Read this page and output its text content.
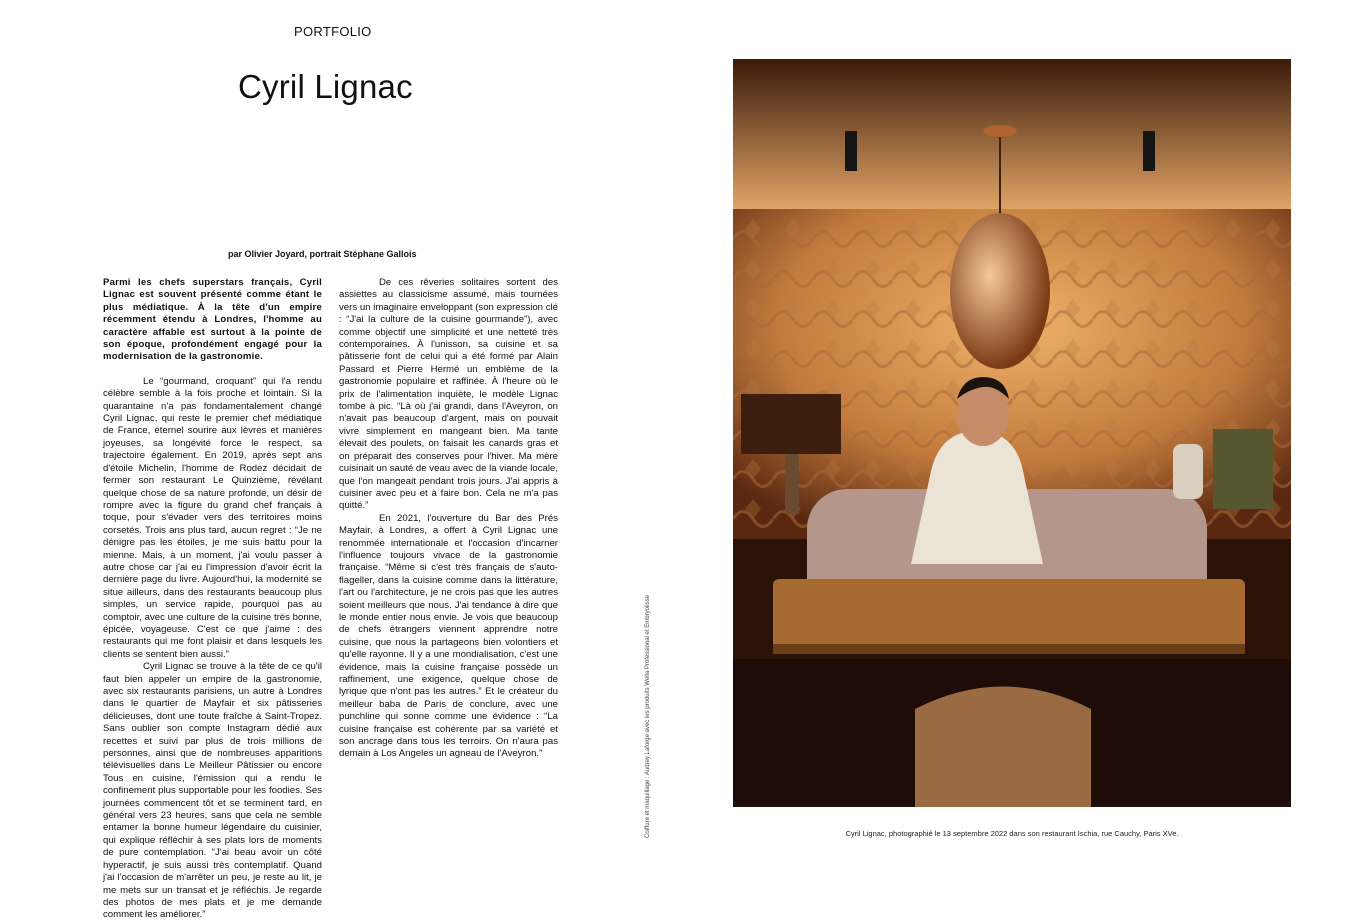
PORTFOLIO
Cyril Lignac
par Olivier Joyard, portrait Stéphane Gallois

Parmi les chefs superstars français, Cyril Lignac est souvent présenté comme étant le plus médiatique. À la tête d'un empire récemment étendu à Londres, l'homme au caractère affable est surtout à la pointe de son époque, profondément engagé pour la modernisation de la gastronomie.

Le “gourmand, croquant” qui l'a rendu célèbre semble à la fois proche et lointain. Si la quarantaine n'a pas fondamentalement changé Cyril Lignac, qui reste le premier chef médiatique de France, éternel sourire aux lèvres et manières joyeuses, sa longévité force le respect, sa trajectoire également. En 2019, après sept ans d'étoile Michelin, l'homme de Rodez décidait de fermer son restaurant Le Quinzième, révélant quelque chose de sa nature profonde, un désir de rompre avec la figure du grand chef français à toque, pour s'évader vers des territoires moins corsetés. Trois ans plus tard, aucun regret : “Je ne dénigre pas les étoiles, je me suis battu pour la mienne. Mais, à un moment, j'ai voulu passer à autre chose car j'ai eu l'impression d'avoir écrit la dernière page du livre. Aujourd'hui, la modernité se situe ailleurs, dans des restaurants beaucoup plus simples, un service rapide, pourquoi pas au comptoir, avec une culture de la cuisine très bonne, épicée, voyageuse. C'est ce que j'aime : des restaurants qui me font plaisir et dans lesquels les clients se sentent bien aussi.”

Cyril Lignac se trouve à la tête de ce qu'il faut bien appeler un empire de la gastronomie, avec six restaurants parisiens, un autre à Londres dans le quartier de Mayfair et six pâtisseries délicieuses, dont une toute fraîche à Saint-Tropez. Sans oublier son compte Instagram dédié aux recettes et suivi par plus de trois millions de personnes, ainsi que de nombreuses apparitions télévisuelles dans Le Meilleur Pâtissier ou encore Tous en cuisine, l'émission qui a rendu le confinement plus supportable pour les foodies. Ses journées commencent tôt et se terminent tard, en général vers 23 heures, sans que cela ne semble entamer la bonne humeur légendaire du cuisinier, qui explique réfléchir à ses plats lors de moments de pure contemplation. “J'ai beau avoir un côté hyperactif, je suis aussi très contemplatif. Quand j'ai l'occasion de m'arrêter un peu, je reste au lit, je me mets sur un transat et je réfléchis. Je regarde des photos de mes plats et je me demande comment les améliorer.”

De ces rêveries solitaires sortent des assiettes au classicisme assumé, mais tournées vers un imaginaire enveloppant (son expression clé : “J'ai la culture de la cuisine gourmande”), avec comme objectif une simplicité et une netteté très contemporaines. À l'unisson, sa cuisine et sa pâtisserie font de celui qui a été formé par Alain Passard et Pierre Hermé un emblème de la gastronomie populaire et raffinée. À l'heure où le prix de l'alimentation inquiète, le modèle Lignac tombe à pic. “Là où j'ai grandi, dans l'Aveyron, on n'avait pas beaucoup d'argent, mais on pouvait vivre simplement en mangeant bien. Ma tante élevait des poulets, on faisait les canards gras et on préparait des conserves pour l'hiver. Ma mère cuisinait un sauté de veau avec de la viande locale, que l'on mangeait pendant trois jours. J'ai appris à cuisiner avec peu et à faire bon. Cela ne m'a pas quitté.”

En 2021, l'ouverture du Bar des Prés Mayfair, à Londres, a offert à Cyril Lignac une renommée internationale et l'occasion d'incarner l'influence toujours vivace de la gastronomie française. “Même si c'est très français de s'auto-flageller, dans la cuisine comme dans la littérature, l'art ou l'architecture, je ne crois pas que les autres soient meilleurs que nous. J'ai tendance à dire que le monde entier nous envie. Je vois que beaucoup de chefs étrangers viennent apprendre notre cuisine, que nous la partageons bien volontiers et qu'elle rayonne. Il y a une mondialisation, c'est une évidence, mais la cuisine française possède un raffinement, une exigence, quelque chose de lyrique que n'ont pas les autres.” Et le créateur du meilleur baba de Paris de conclure, avec une punchline qui sonne comme une évidence : “La cuisine française est cohérente par sa variété et son ancrage dans tous les terroirs. On n'aura pas demain à Los Angeles un agneau de l'Aveyron.”	Coiffure et maquillage : Audrey Laforge avec les produits Wella Professional et Embryolisse	Cyril Lignac, photographié le 13 septembre 2022 dans son restaurant Ischia, rue Cauchy, Paris XVe.
